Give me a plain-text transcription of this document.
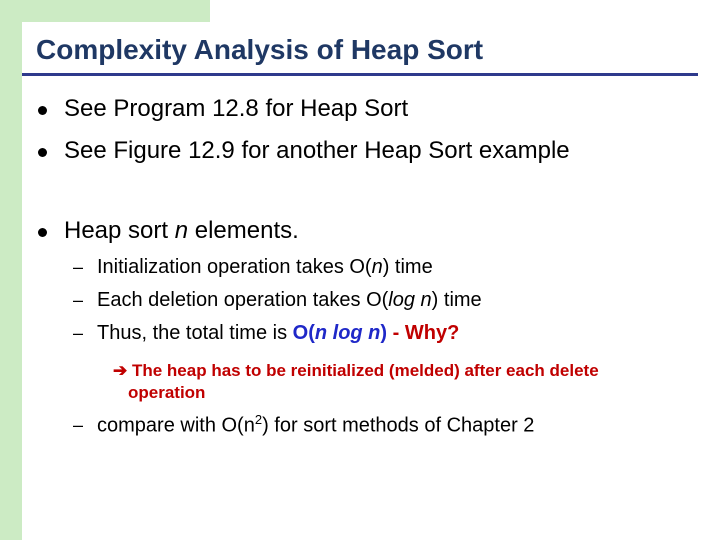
Complexity Analysis of Heap Sort
See Program 12.8 for Heap Sort
See Figure 12.9 for another Heap Sort example
Heap sort n elements.
– Initialization operation takes O(n) time
– Each deletion operation takes O(log n) time
– Thus, the total time is O(n log n) - Why?
➔ The heap has to be reinitialized (melded) after each delete
operation
– compare with $O(n^2)$ for sort methods of Chapter 2
